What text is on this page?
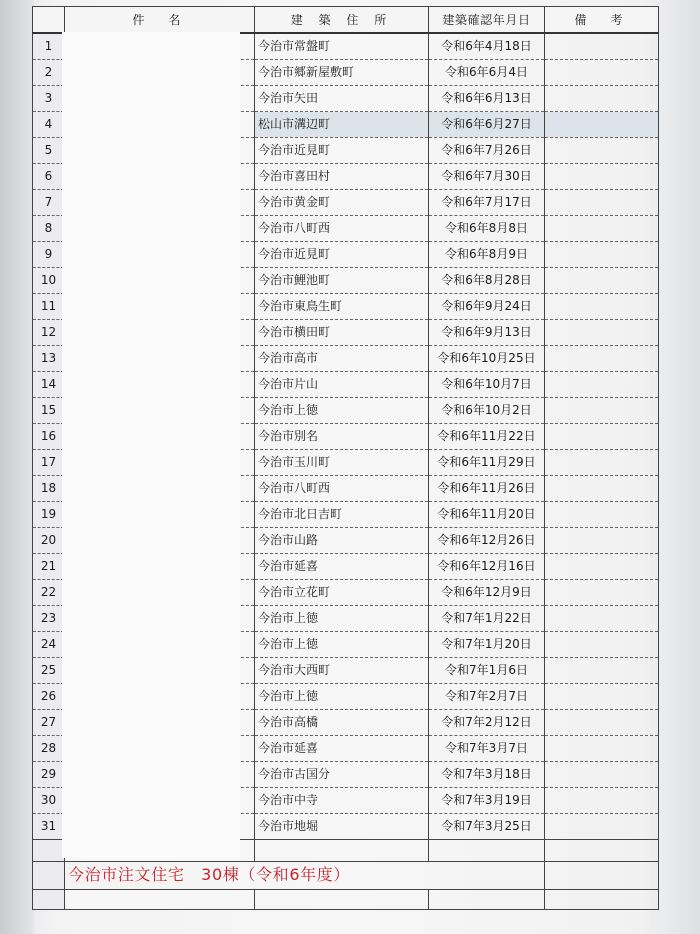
	件　名	建 築 住 所	建築確認年月日	備　考
1		今治市常盤町	令和6年4月18日	
2		今治市郷新屋敷町	令和6年6月4日	
3		今治市矢田	令和6年6月13日	
4		松山市溝辺町	令和6年6月27日	
5		今治市近見町	令和6年7月26日	
6		今治市喜田村	令和6年7月30日	
7		今治市黄金町	令和6年7月17日	
8		今治市八町西	令和6年8月8日	
9		今治市近見町	令和6年8月9日	
10		今治市鯉池町	令和6年8月28日	
11		今治市東鳥生町	令和6年9月24日	
12		今治市横田町	令和6年9月13日	
13		今治市高市	令和6年10月25日	
14		今治市片山	令和6年10月7日	
15		今治市上徳	令和6年10月2日	
16		今治市別名	令和6年11月22日	
17		今治市玉川町	令和6年11月29日	
18		今治市八町西	令和6年11月26日	
19		今治市北日吉町	令和6年11月20日	
20		今治市山路	令和6年12月26日	
21		今治市延喜	令和6年12月16日	
22		今治市立花町	令和6年12月9日	
23		今治市上徳	令和7年1月22日	
24		今治市上徳	令和7年1月20日	
25		今治市大西町	令和7年1月6日	
26		今治市上徳	令和7年2月7日	
27		今治市高橋	令和7年2月12日	
28		今治市延喜	令和7年3月7日	
29		今治市古国分	令和7年3月18日	
30		今治市中寺	令和7年3月19日	
31		今治市地堀	令和7年3月25日	

	今治市注文住宅　30棟（令和6年度）			
